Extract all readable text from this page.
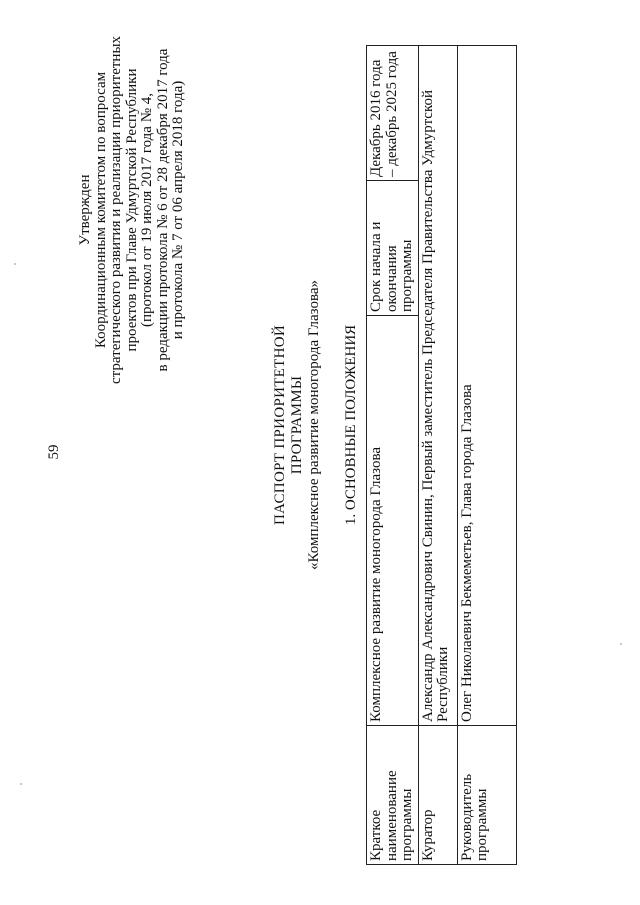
59
Утвержден Координационным комитетом по вопросам стратегического развития и реализации приоритетных проектов при Главе Удмуртской Республики (протокол от 19 июля 2017 года № 4, в редакции протокола № 6 от 28 декабря 2017 года и протокола № 7 от 06 апреля 2018 года)
ПАСПОРТ ПРИОРИТЕТНОЙ ПРОГРАММЫ «Комплексное развитие моногорода Глазова» 1. ОСНОВНЫЕ ПОЛОЖЕНИЯ
Краткое наименование программы	Комплексное развитие моногорода Глазова	Срок начала и окончания программы	Декабрь 2016 года – декабрь 2025 года
Куратор	Александр Александрович Свинин, Первый заместитель Председателя Правительства Удмуртской Республики		
Руководитель программы	Олег Николаевич Бекмеметьев, Глава города Глазова		
